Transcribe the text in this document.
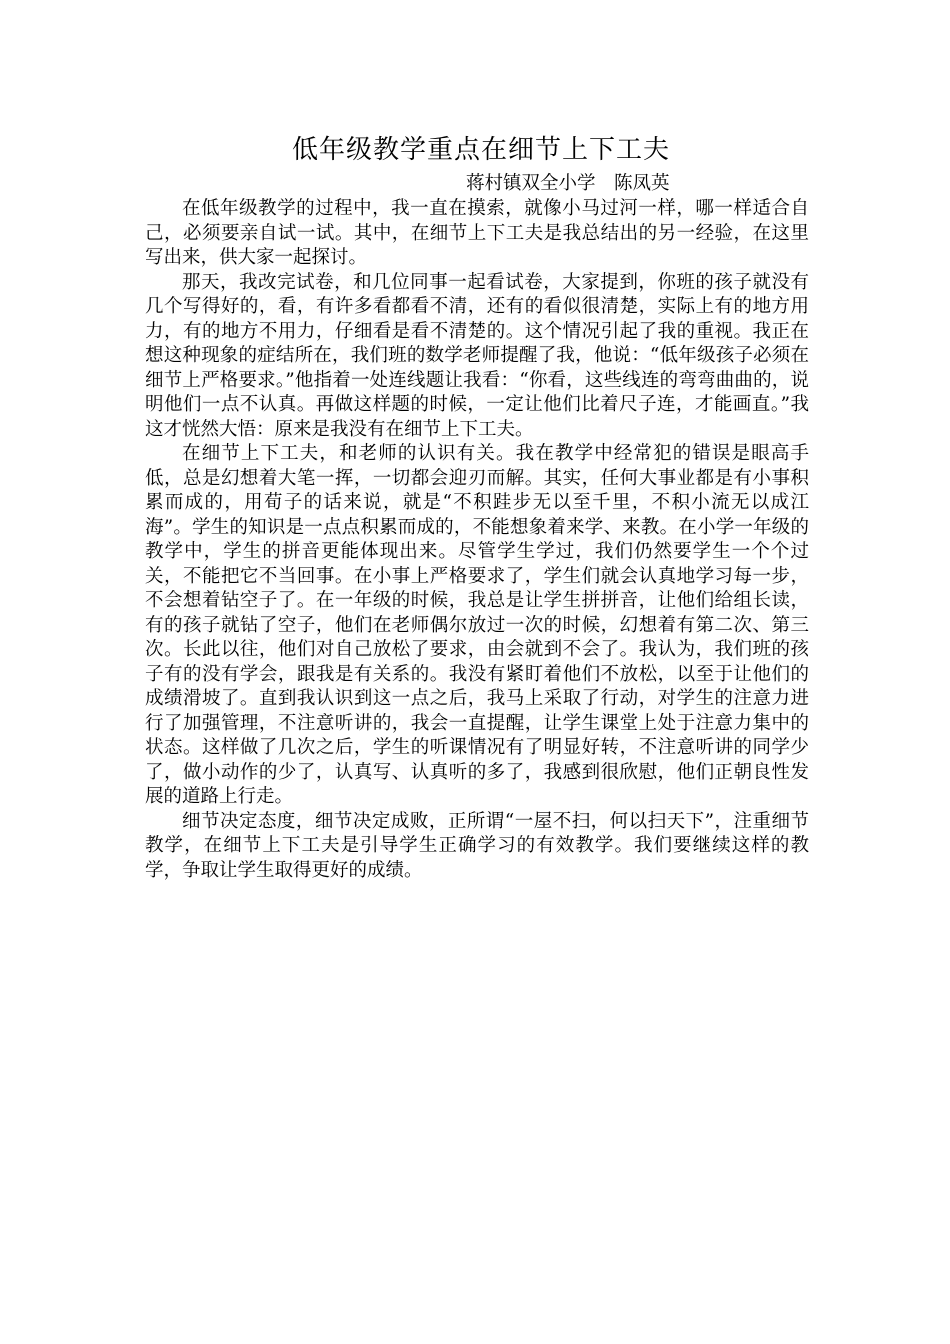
低年级教学重点在细节上下工夫

蒋村镇双全小学　陈凤英

在低年级教学的过程中，我一直在摸索，就像小马过河一样，哪一样适合自己，必须要亲自试一试。其中，在细节上下工夫是我总结出的另一经验，在这里写出来，供大家一起探讨。

那天，我改完试卷，和几位同事一起看试卷，大家提到，你班的孩子就没有几个写得好的，看，有许多看都看不清，还有的看似很清楚，实际上有的地方用力，有的地方不用力，仔细看是看不清楚的。这个情况引起了我的重视。我正在想这种现象的症结所在，我们班的数学老师提醒了我，他说：“低年级孩子必须在细节上严格要求。”他指着一处连线题让我看：“你看，这些线连的弯弯曲曲的，说明他们一点不认真。再做这样题的时候，一定让他们比着尺子连，才能画直。”我这才恍然大悟：原来是我没有在细节上下工夫。

在细节上下工夫，和老师的认识有关。我在教学中经常犯的错误是眼高手低，总是幻想着大笔一挥，一切都会迎刃而解。其实，任何大事业都是有小事积累而成的，用荀子的话来说，就是“不积跬步无以至千里，不积小流无以成江海”。学生的知识是一点点积累而成的，不能想象着来学、来教。在小学一年级的教学中，学生的拼音更能体现出来。尽管学生学过，我们仍然要学生一个个过关，不能把它不当回事。在小事上严格要求了，学生们就会认真地学习每一步，不会想着钻空子了。在一年级的时候，我总是让学生拼拼音，让他们给组长读，有的孩子就钻了空子，他们在老师偶尔放过一次的时候，幻想着有第二次、第三次。长此以往，他们对自己放松了要求，由会就到不会了。我认为，我们班的孩子有的没有学会，跟我是有关系的。我没有紧盯着他们不放松，以至于让他们的成绩滑坡了。直到我认识到这一点之后，我马上采取了行动，对学生的注意力进行了加强管理，不注意听讲的，我会一直提醒，让学生课堂上处于注意力集中的状态。这样做了几次之后，学生的听课情况有了明显好转，不注意听讲的同学少了，做小动作的少了，认真写、认真听的多了，我感到很欣慰，他们正朝良性发展的道路上行走。

细节决定态度，细节决定成败，正所谓“一屋不扫，何以扫天下”，注重细节教学，在细节上下工夫是引导学生正确学习的有效教学。我们要继续这样的教学，争取让学生取得更好的成绩。
